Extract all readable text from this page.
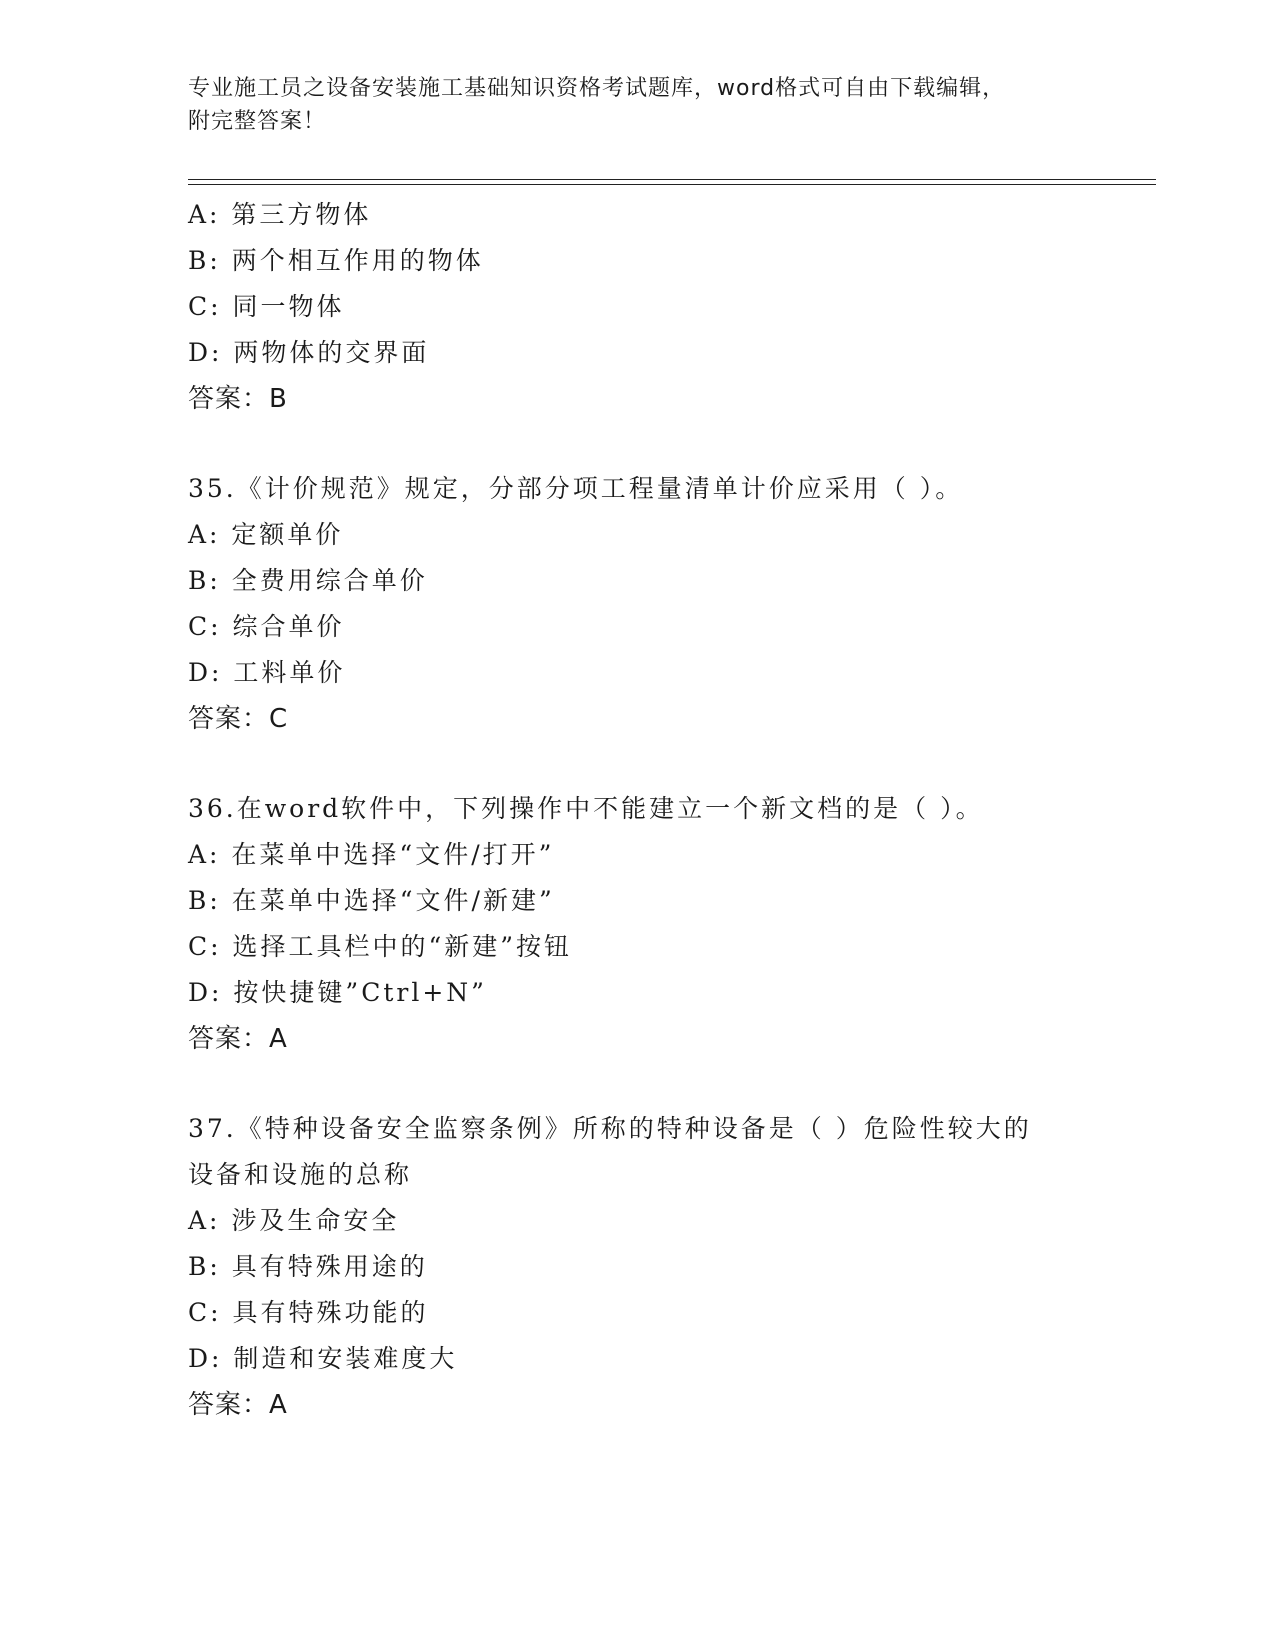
专业施工员之设备安装施工基础知识资格考试题库，word格式可自由下载编辑，
附完整答案！
A: 第三方物体
B: 两个相互作用的物体
C: 同一物体
D: 两物体的交界面
答案：B
35.《计价规范》规定，分部分项工程量清单计价应采用（ ）。
A: 定额单价
B: 全费用综合单价
C: 综合单价
D: 工料单价
答案：C
36.在word软件中，下列操作中不能建立一个新文档的是（ ）。
A: 在菜单中选择“文件/打开”
B: 在菜单中选择“文件/新建”
C: 选择工具栏中的“新建”按钮
D: 按快捷键”Ctrl+N”
答案：A
37.《特种设备安全监察条例》所称的特种设备是（ ）危险性较大的
设备和设施的总称
A: 涉及生命安全
B: 具有特殊用途的
C: 具有特殊功能的
D: 制造和安装难度大
答案：A
